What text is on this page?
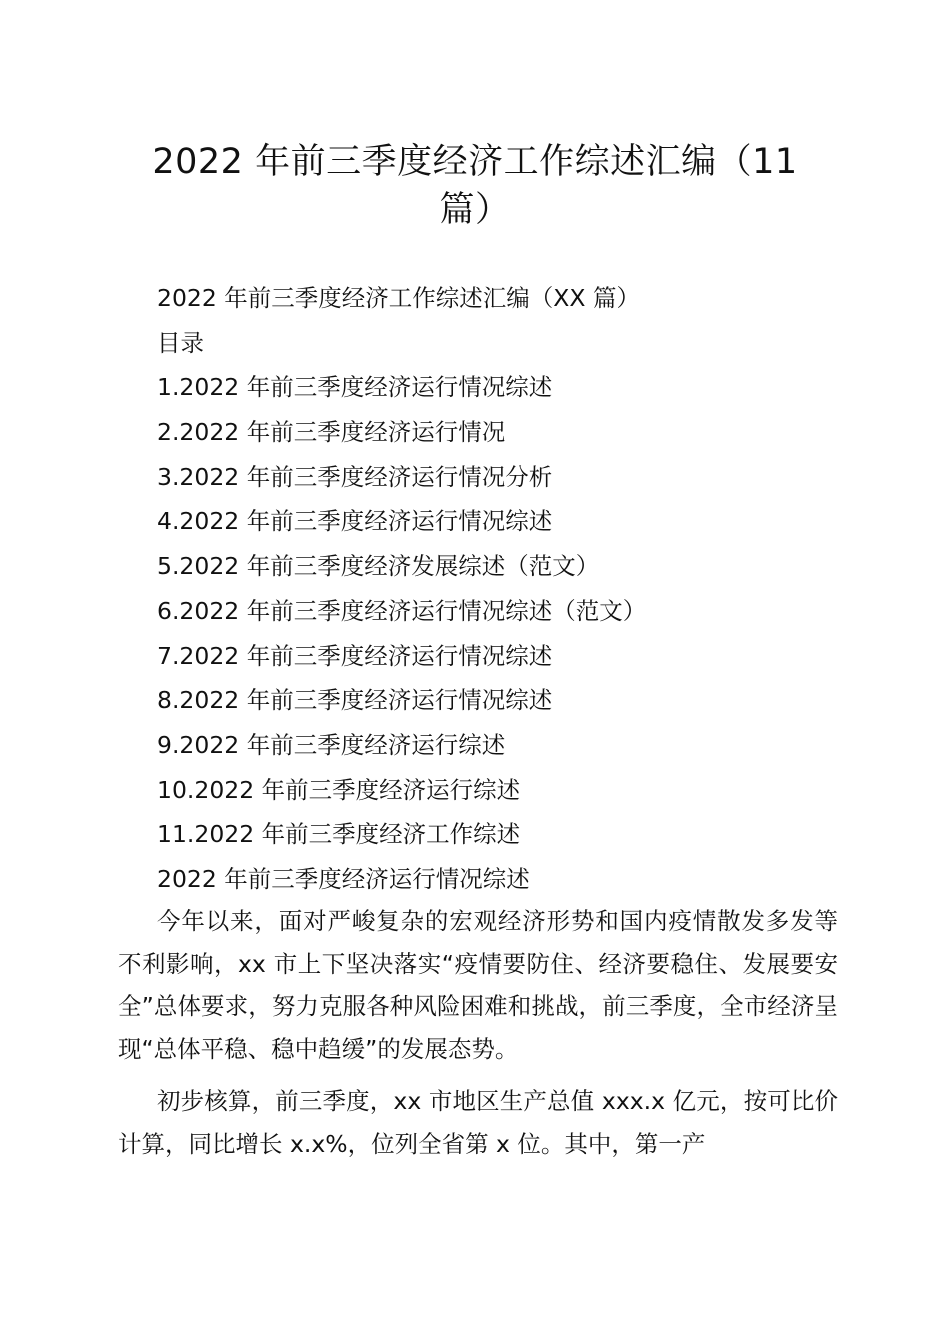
2022 年前三季度经济工作综述汇编（11
篇）
2022 年前三季度经济工作综述汇编（XX 篇）
目录
1.2022 年前三季度经济运行情况综述
2.2022 年前三季度经济运行情况
3.2022 年前三季度经济运行情况分析
4.2022 年前三季度经济运行情况综述
5.2022 年前三季度经济发展综述（范文）
6.2022 年前三季度经济运行情况综述（范文）
7.2022 年前三季度经济运行情况综述
8.2022 年前三季度经济运行情况综述
9.2022 年前三季度经济运行综述
10.2022 年前三季度经济运行综述
11.2022 年前三季度经济工作综述
2022 年前三季度经济运行情况综述

今年以来，面对严峻复杂的宏观经济形势和国内疫情散发多发等不利影响，xx 市上下坚决落实“疫情要防住、经济要稳住、发展要安全”总体要求，努力克服各种风险困难和挑战，前三季度，全市经济呈现“总体平稳、稳中趋缓”的发展态势。

初步核算，前三季度，xx 市地区生产总值 xxx.x 亿元，按可比价计算，同比增长 x.x%，位列全省第 x 位。其中，第一产
